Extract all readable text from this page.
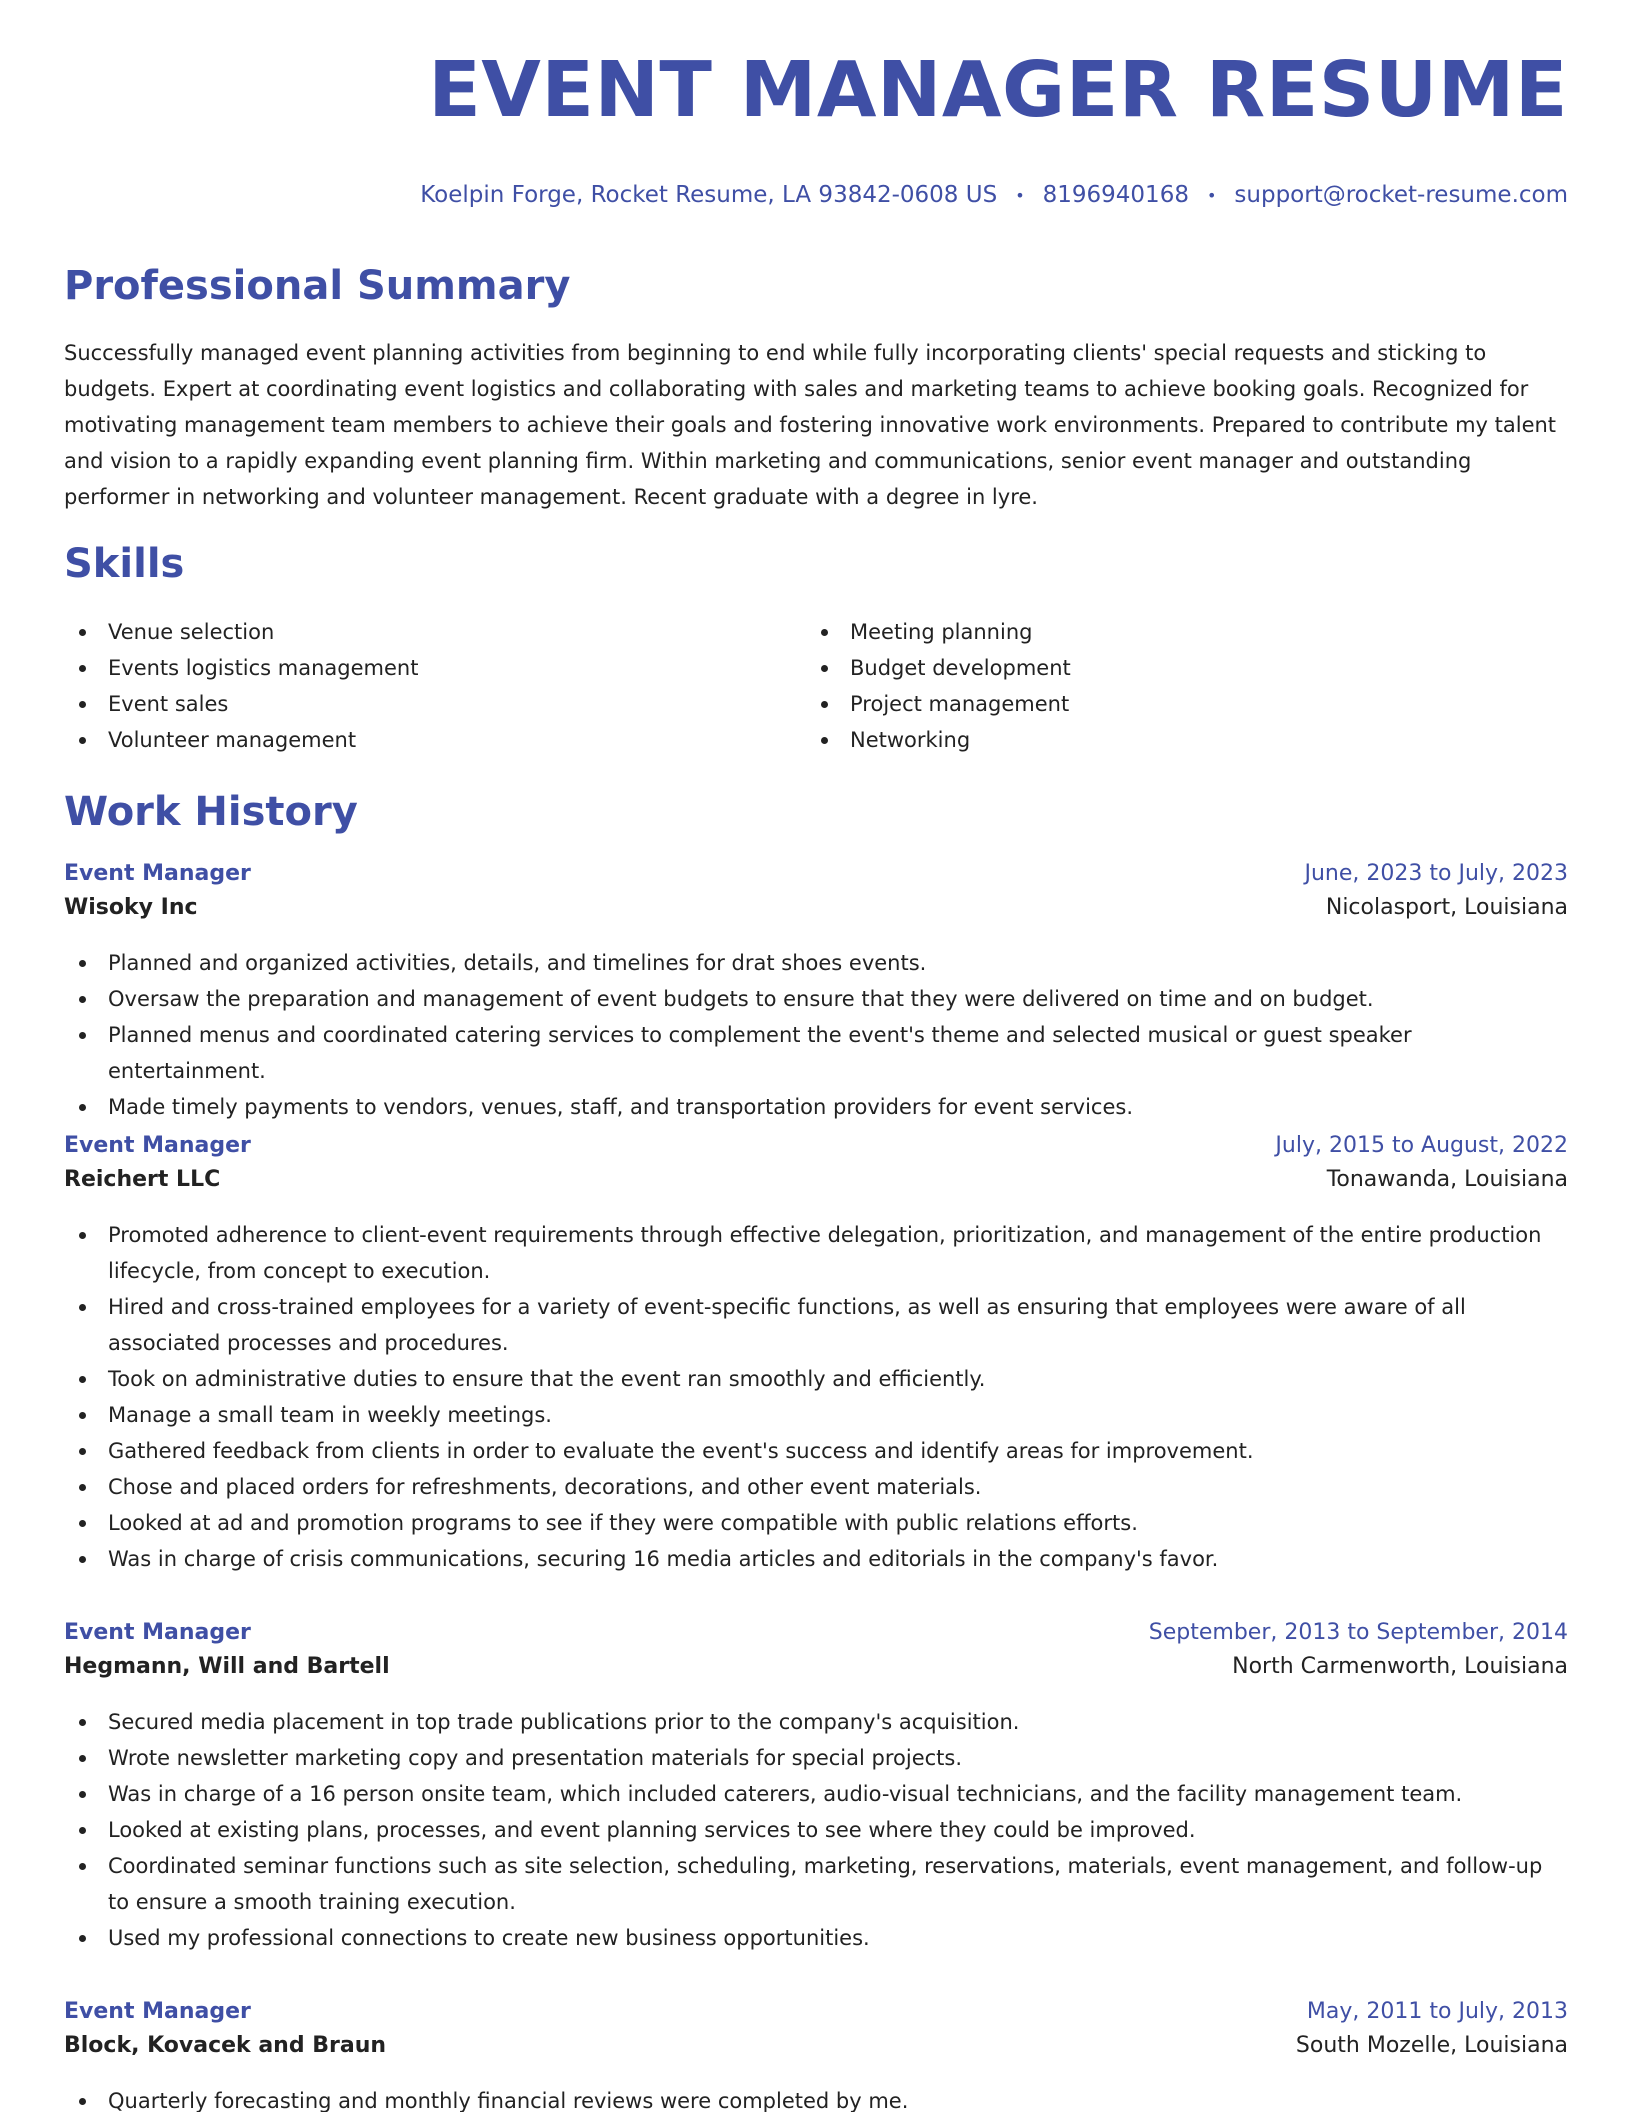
EVENT MANAGER RESUME
Koelpin Forge, Rocket Resume, LA 93842-0608 US • 8196940168 • support@rocket-resume.com
Professional Summary

Successfully managed event planning activities from beginning to end while fully incorporating clients' special requests and sticking to budgets. Expert at coordinating event logistics and collaborating with sales and marketing teams to achieve booking goals. Recognized for motivating management team members to achieve their goals and fostering innovative work environments. Prepared to contribute my talent and vision to a rapidly expanding event planning firm. Within marketing and communications, senior event manager and outstanding performer in networking and volunteer management. Recent graduate with a degree in lyre.

Skills
Venue selection
Events logistics management
Event sales
Volunteer management
Meeting planning
Budget development
Project management
Networking
Work History
Event Manager	June, 2023 to July, 2023
Wisoky Inc	Nicolasport, Louisiana
Planned and organized activities, details, and timelines for drat shoes events.
Oversaw the preparation and management of event budgets to ensure that they were delivered on time and on budget.
Planned menus and coordinated catering services to complement the event's theme and selected musical or guest speaker entertainment.
Made timely payments to vendors, venues, staff, and transportation providers for event services.
Event Manager	July, 2015 to August, 2022
Reichert LLC	Tonawanda, Louisiana
Promoted adherence to client-event requirements through effective delegation, prioritization, and management of the entire production lifecycle, from concept to execution.
Hired and cross-trained employees for a variety of event-specific functions, as well as ensuring that employees were aware of all associated processes and procedures.
Took on administrative duties to ensure that the event ran smoothly and efficiently.
Manage a small team in weekly meetings.
Gathered feedback from clients in order to evaluate the event's success and identify areas for improvement.
Chose and placed orders for refreshments, decorations, and other event materials.
Looked at ad and promotion programs to see if they were compatible with public relations efforts.
Was in charge of crisis communications, securing 16 media articles and editorials in the company's favor.
Event Manager	September, 2013 to September, 2014
Hegmann, Will and Bartell	North Carmenworth, Louisiana
Secured media placement in top trade publications prior to the company's acquisition.
Wrote newsletter marketing copy and presentation materials for special projects.
Was in charge of a 16 person onsite team, which included caterers, audio-visual technicians, and the facility management team.
Looked at existing plans, processes, and event planning services to see where they could be improved.
Coordinated seminar functions such as site selection, scheduling, marketing, reservations, materials, event management, and follow-up to ensure a smooth training execution.
Used my professional connections to create new business opportunities.
Event Manager	May, 2011 to July, 2013
Block, Kovacek and Braun	South Mozelle, Louisiana
Quarterly forecasting and monthly financial reviews were completed by me.
